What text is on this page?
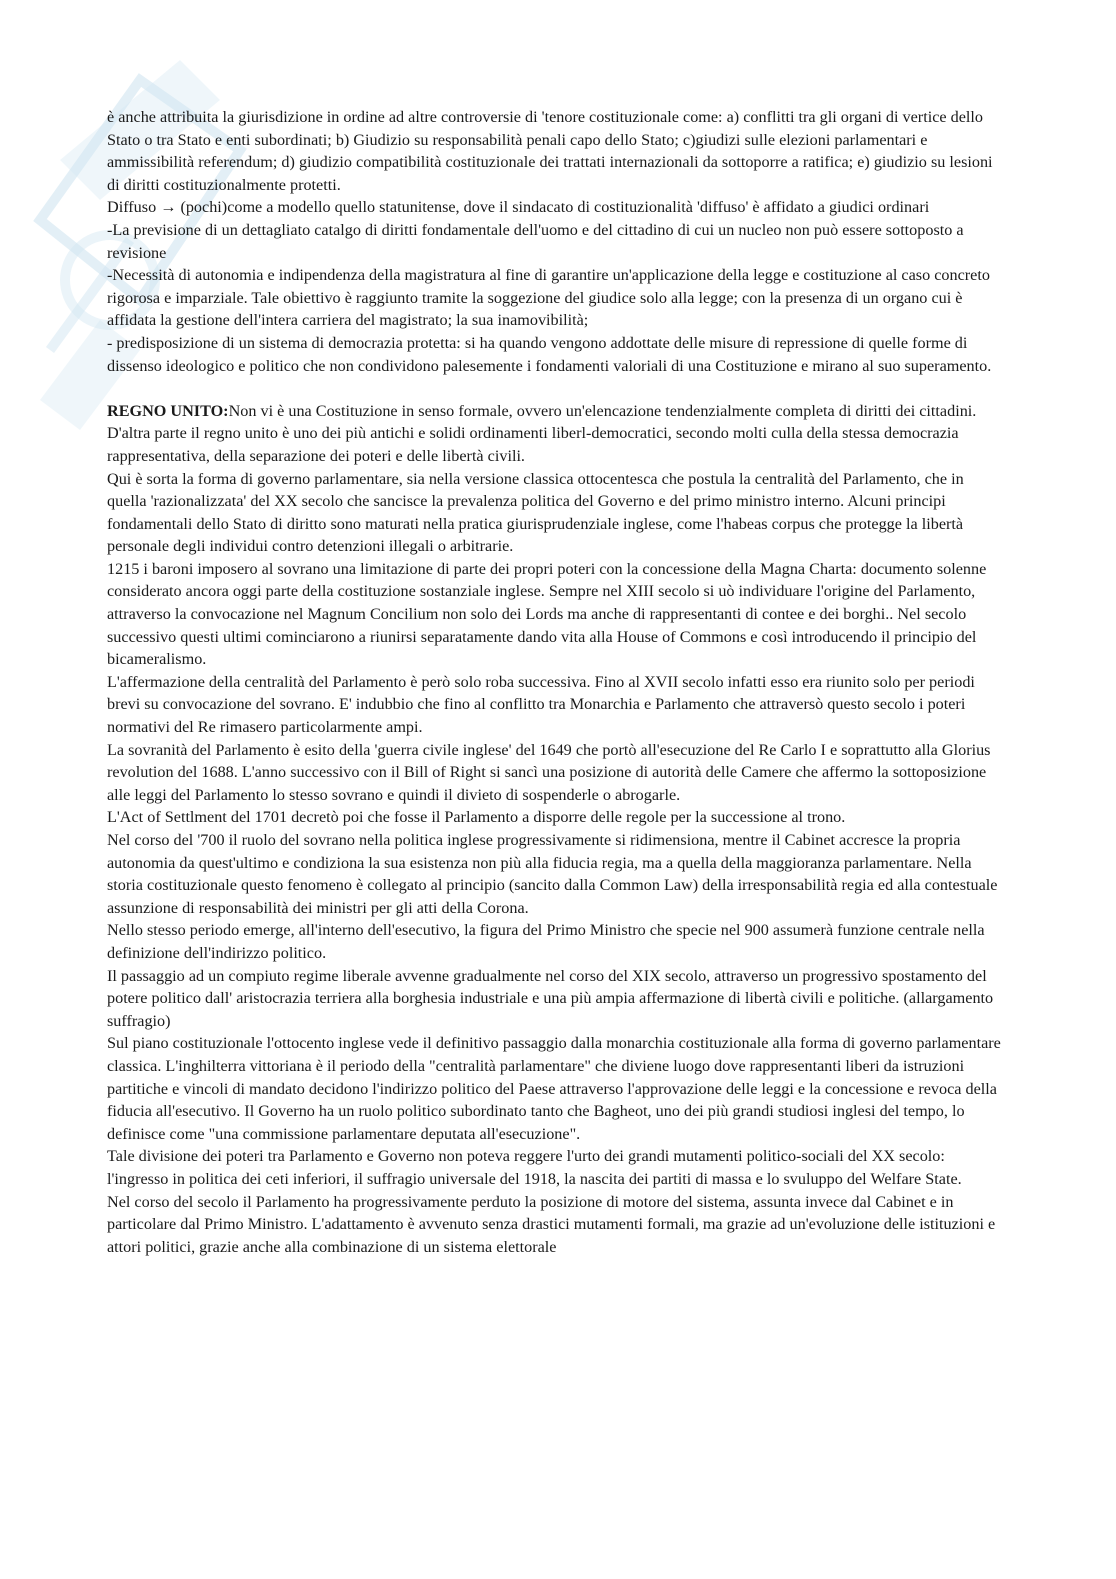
è anche attribuita la giurisdizione in ordine ad altre controversie di 'tenore costituzionale come: a) conflitti tra gli organi di vertice dello Stato o tra Stato e enti subordinati; b) Giudizio su responsabilità penali capo dello Stato; c)giudizi sulle elezioni parlamentari e ammissibilità referendum; d) giudizio compatibilità costituzionale dei trattati internazionali da sottoporre a ratifica; e) giudizio su lesioni di diritti costituzionalmente protetti.

Diffuso → (pochi)come a modello quello statunitense, dove il sindacato di costituzionalità 'diffuso' è affidato a giudici ordinari

-La previsione di un dettagliato catalgo di diritti fondamentale dell'uomo e del cittadino di cui un nucleo non può essere sottoposto a revisione

-Necessità di autonomia e indipendenza della magistratura al fine di garantire un'applicazione della legge e costituzione al caso concreto rigorosa e imparziale. Tale obiettivo è raggiunto tramite la soggezione del giudice solo alla legge; con la presenza di un organo cui è affidata la gestione dell'intera carriera del magistrato; la sua inamovibilità;

- predisposizione di un sistema di democrazia protetta: si ha quando vengono addottate delle misure di repressione di quelle forme di dissenso ideologico e politico che non condividono palesemente i fondamenti valoriali di una Costituzione e mirano al suo superamento.

REGNO UNITO:Non vi è una Costituzione in senso formale, ovvero un'elencazione tendenzialmente completa di diritti dei cittadini.

D'altra parte il regno unito è uno dei più antichi e solidi ordinamenti liberl-democratici, secondo molti culla della stessa democrazia rappresentativa, della separazione dei poteri e delle libertà civili.

Qui è sorta la forma di governo parlamentare, sia nella versione classica ottocentesca che postula la centralità del Parlamento, che in quella 'razionalizzata' del XX secolo che sancisce la prevalenza politica del Governo e del primo ministro interno. Alcuni principi fondamentali dello Stato di diritto sono maturati nella pratica giurisprudenziale inglese, come l'habeas corpus che protegge la libertà personale degli individui contro detenzioni illegali o arbitrarie.

1215 i baroni imposero al sovrano una limitazione di parte dei propri poteri con la concessione della Magna Charta: documento solenne considerato ancora oggi parte della costituzione sostanziale inglese. Sempre nel XIII secolo si uò individuare l'origine del Parlamento, attraverso la convocazione nel Magnum Concilium non solo dei Lords ma anche di rappresentanti di contee e dei borghi.. Nel secolo successivo questi ultimi cominciarono a riunirsi separatamente dando vita alla House of Commons e così introducendo il principio del bicameralismo.

L'affermazione della centralità del Parlamento è però solo roba successiva. Fino al XVII secolo infatti esso era riunito solo per periodi brevi su convocazione del sovrano. E' indubbio che fino al conflitto tra Monarchia e Parlamento che attraversò questo secolo i poteri normativi del Re rimasero particolarmente ampi.

La sovranità del Parlamento è esito della 'guerra civile inglese' del 1649 che portò all'esecuzione del Re Carlo I e soprattutto alla Glorius revolution del 1688. L'anno successivo con il Bill of Right si sancì una posizione di autorità delle Camere che affermo la sottoposizione alle leggi del Parlamento lo stesso sovrano e quindi il divieto di sospenderle o abrogarle.

L'Act of Settlment del 1701 decretò poi che fosse il Parlamento a disporre delle regole per la successione al trono.

Nel corso del '700 il ruolo del sovrano nella politica inglese progressivamente si ridimensiona, mentre il Cabinet accresce la propria autonomia da quest'ultimo e condiziona la sua esistenza non più alla fiducia regia, ma a quella della maggioranza parlamentare. Nella storia costituzionale questo fenomeno è collegato al principio (sancito dalla Common Law) della irresponsabilità regia ed alla contestuale assunzione di responsabilità dei ministri per gli atti della Corona.

Nello stesso periodo emerge, all'interno dell'esecutivo, la figura del Primo Ministro che specie nel 900 assumerà funzione centrale nella definizione dell'indirizzo politico.

Il passaggio ad un compiuto regime liberale avvenne gradualmente nel corso del XIX secolo, attraverso un progressivo spostamento del potere politico dall' aristocrazia terriera alla borghesia industriale e una più ampia affermazione di libertà civili e politiche. (allargamento suffragio)

Sul piano costituzionale l'ottocento inglese vede il definitivo passaggio dalla monarchia costituzionale alla forma di governo parlamentare classica. L'inghilterra vittoriana è il periodo della "centralità parlamentare" che diviene luogo dove rappresentanti liberi da istruzioni partitiche e vincoli di mandato decidono l'indirizzo politico del Paese attraverso l'approvazione delle leggi e la concessione e revoca della fiducia all'esecutivo. Il Governo ha un ruolo politico subordinato tanto che Bagheot, uno dei più grandi studiosi inglesi del tempo, lo definisce come "una commissione parlamentare deputata all'esecuzione".

Tale divisione dei poteri tra Parlamento e Governo non poteva reggere l'urto dei grandi mutamenti politico-sociali del XX secolo: l'ingresso in politica dei ceti inferiori, il suffragio universale del 1918, la nascita dei partiti di massa e lo svuluppo del Welfare State.

Nel corso del secolo il Parlamento ha progressivamente perduto la posizione di motore del sistema, assunta invece dal Cabinet e in particolare dal Primo Ministro. L'adattamento è avvenuto senza drastici mutamenti formali, ma grazie ad un'evoluzione delle istituzioni e attori politici, grazie anche alla combinazione di un sistema elettorale
